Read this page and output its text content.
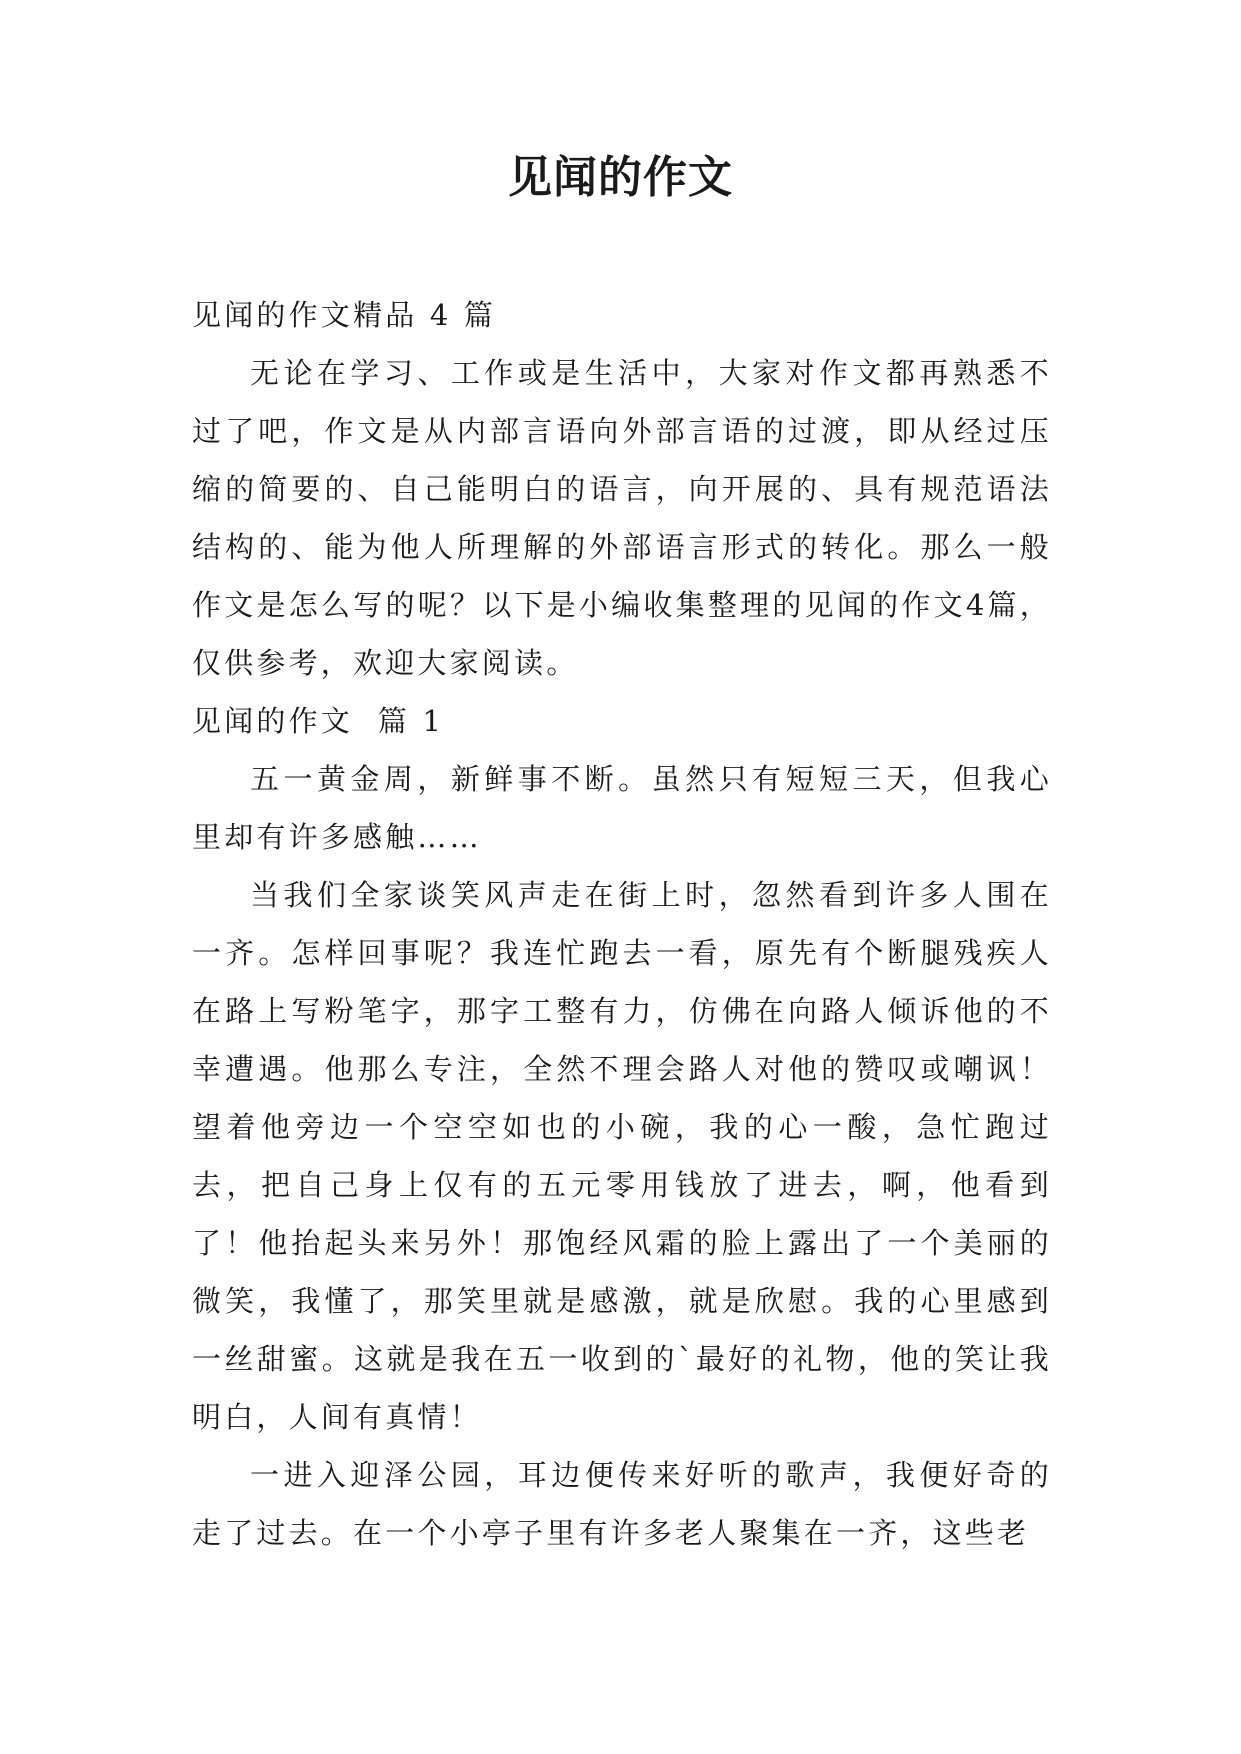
见闻的作文

见闻的作文精品 4 篇

无论在学习、工作或是生活中，大家对作文都再熟悉不过了吧，作文是从内部言语向外部言语的过渡，即从经过压缩的简要的、自己能明白的语言，向开展的、具有规范语法结构的、能为他人所理解的外部语言形式的转化。那么一般作文是怎么写的呢？以下是小编收集整理的见闻的作文4篇，仅供参考，欢迎大家阅读。

见闻的作文  篇 1

五一黄金周，新鲜事不断。虽然只有短短三天，但我心里却有许多感触……

当我们全家谈笑风声走在街上时，忽然看到许多人围在一齐。怎样回事呢？我连忙跑去一看，原先有个断腿残疾人在路上写粉笔字，那字工整有力，仿佛在向路人倾诉他的不幸遭遇。他那么专注，全然不理会路人对他的赞叹或嘲讽！望着他旁边一个空空如也的小碗，我的心一酸，急忙跑过去，把自己身上仅有的五元零用钱放了进去，啊，他看到了！他抬起头来另外！那饱经风霜的脸上露出了一个美丽的微笑，我懂了，那笑里就是感激，就是欣慰。我的心里感到一丝甜蜜。这就是我在五一收到的`最好的礼物，他的笑让我明白，人间有真情！

一进入迎泽公园，耳边便传来好听的歌声，我便好奇的走了过去。在一个小亭子里有许多老人聚集在一齐，这些老
